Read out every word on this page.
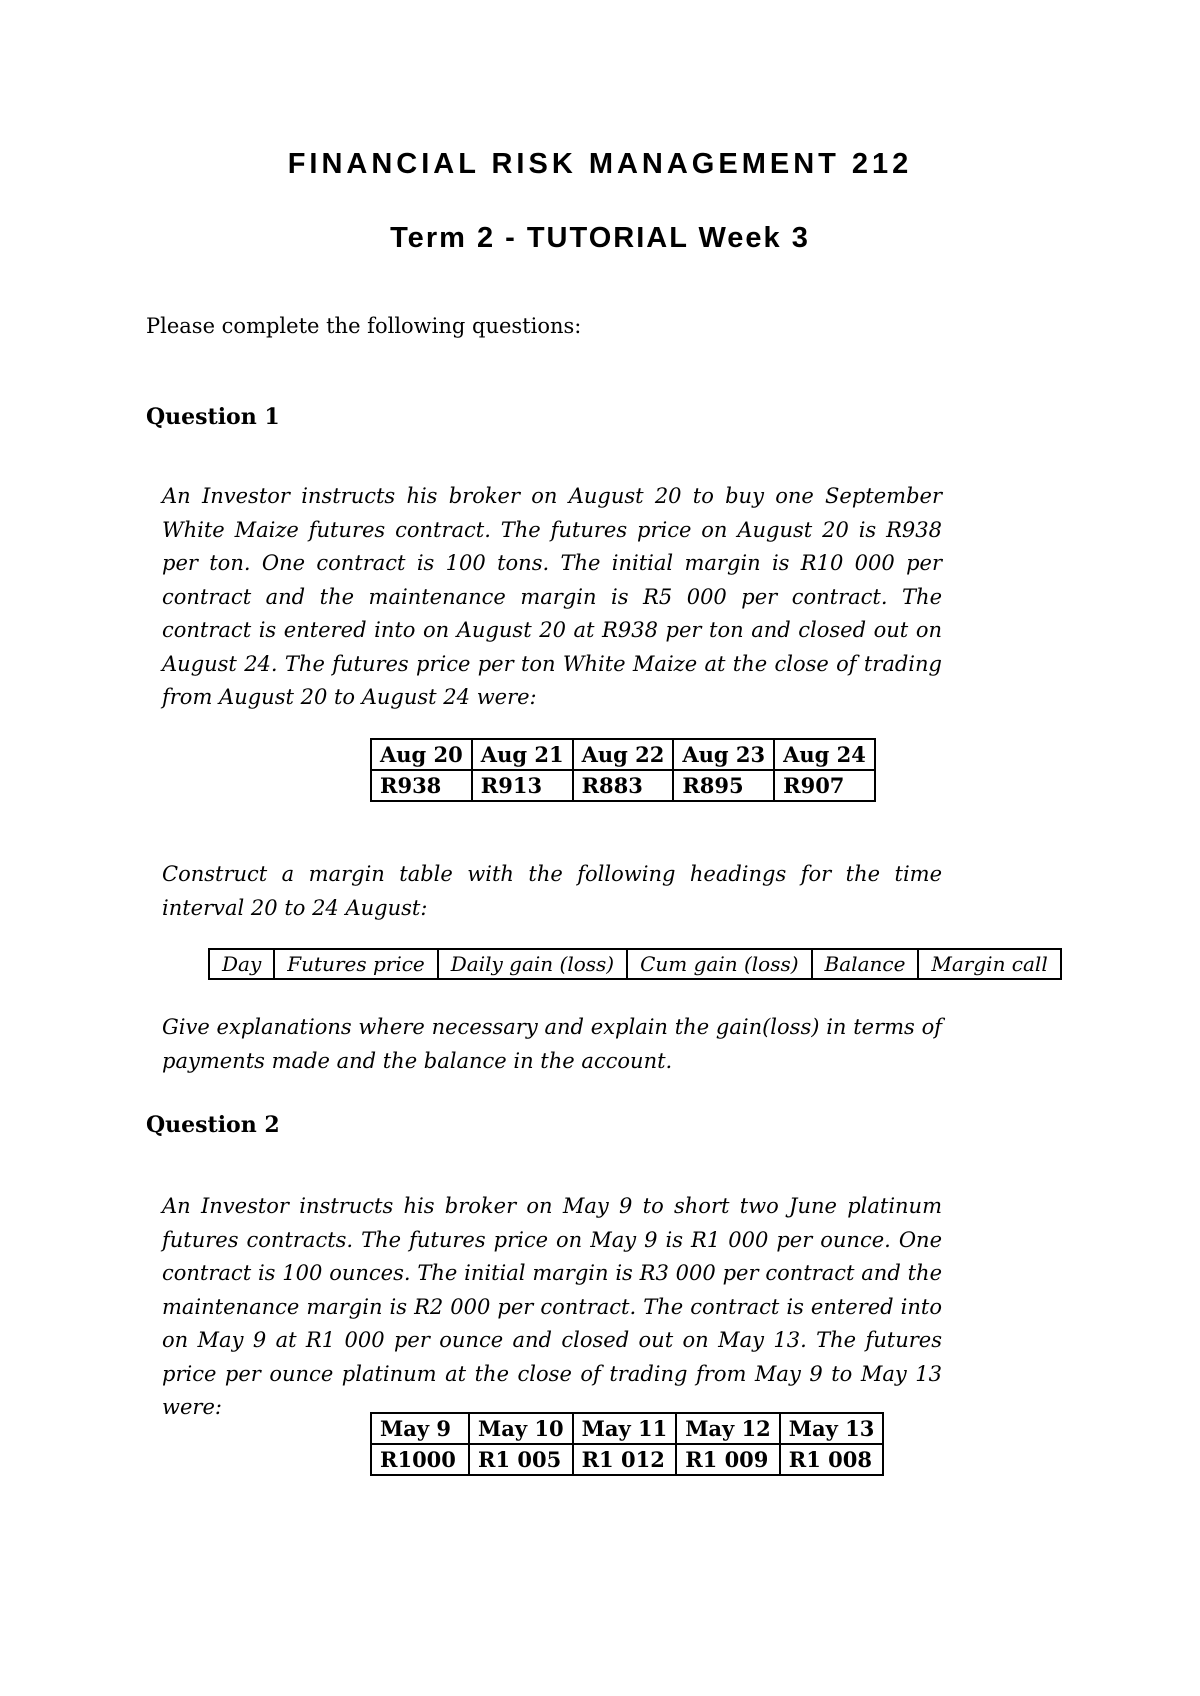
FINANCIAL RISK MANAGEMENT 212
Term 2 - TUTORIAL Week 3
Please complete the following questions:
Question 1
An Investor instructs his broker on August 20 to buy one September White Maize futures contract. The futures price on August 20 is R938 per ton. One contract is 100 tons. The initial margin is R10 000 per contract and the maintenance margin is R5 000 per contract. The contract is entered into on August 20 at R938 per ton and closed out on August 24. The futures price per ton White Maize at the close of trading from August 20 to August 24 were:
Aug 20	Aug 21	Aug 22	Aug 23	Aug 24
R938	R913	R883	R895	R907
Construct a margin table with the following headings for the time interval 20 to 24 August:
Day	Futures price	Daily gain (loss)	Cum gain (loss)	Balance	Margin call
Give explanations where necessary and explain the gain(loss) in terms of payments made and the balance in the account.
Question 2
An Investor instructs his broker on May 9 to short two June platinum futures contracts. The futures price on May 9 is R1 000 per ounce. One contract is 100 ounces. The initial margin is R3 000 per contract and the maintenance margin is R2 000 per contract. The contract is entered into on May 9 at R1 000 per ounce and closed out on May 13. The futures price per ounce platinum at the close of trading from May 9 to May 13 were:
May 9	May 10	May 11	May 12	May 13
R1000	R1 005	R1 012	R1 009	R1 008
